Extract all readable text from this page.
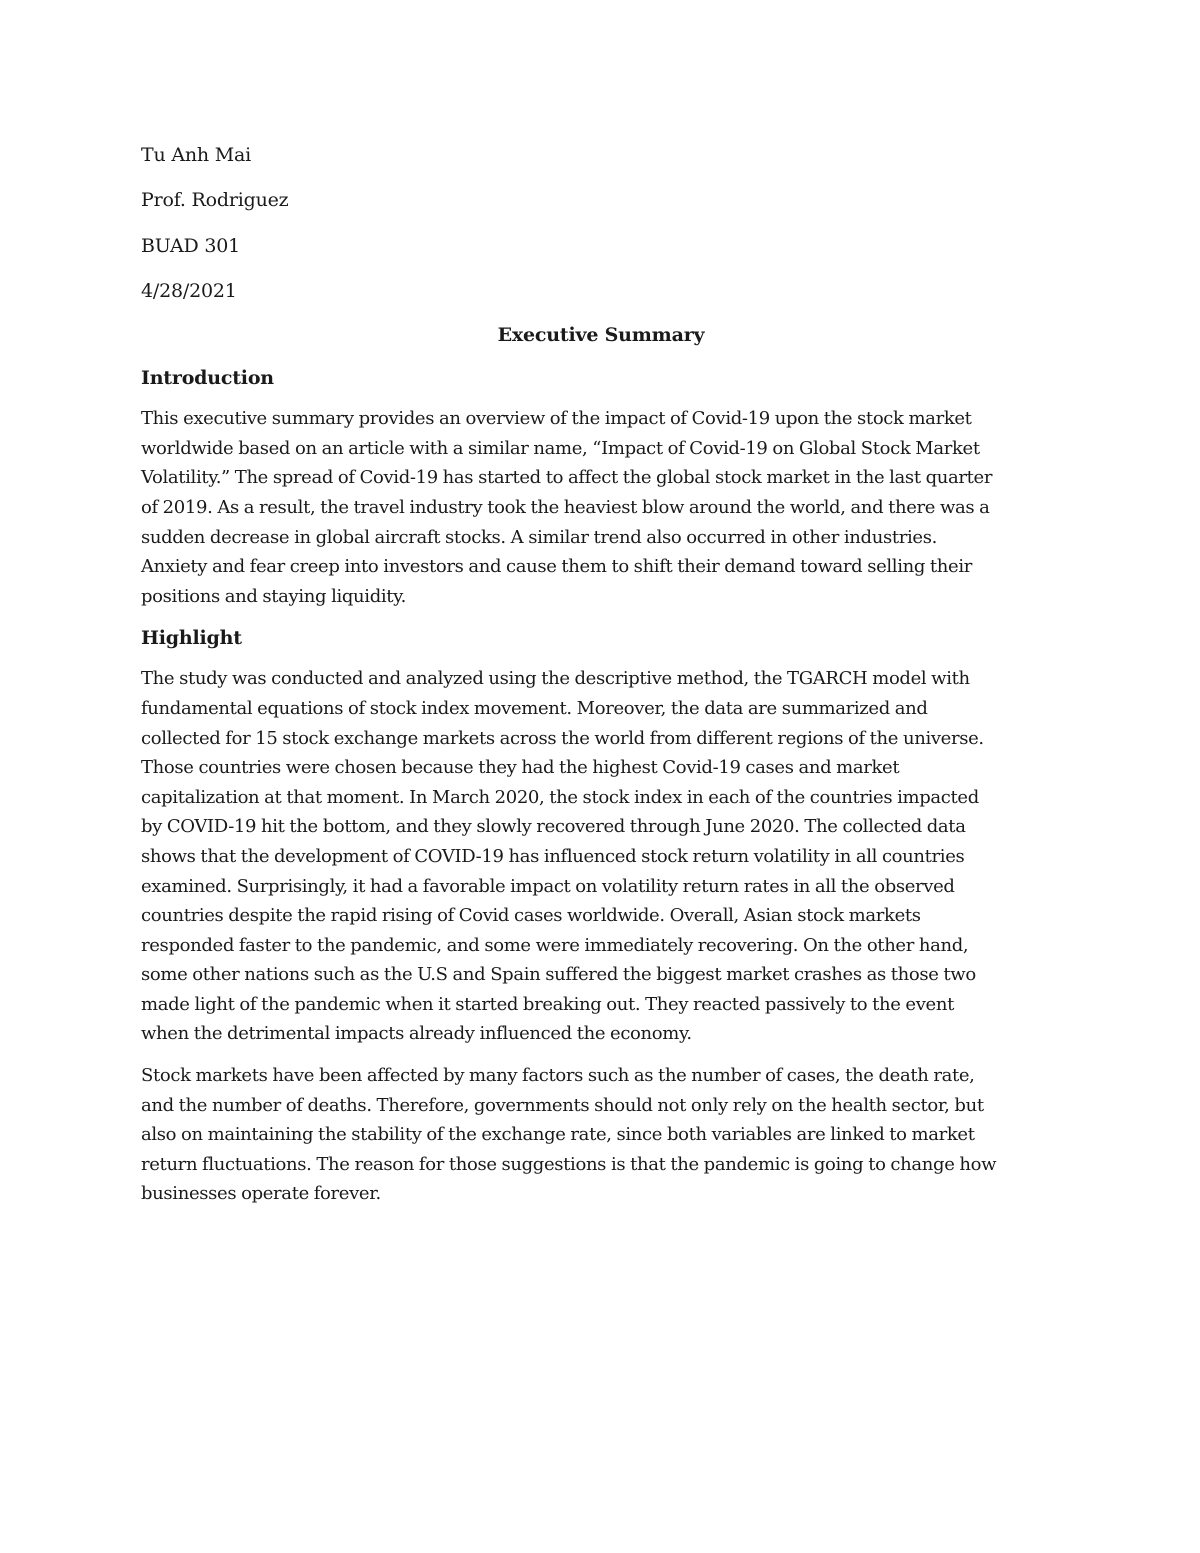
Tu Anh Mai
Prof. Rodriguez
BUAD 301
4/28/2021
Executive Summary
Introduction
This executive summary provides an overview of the impact of Covid-19 upon the stock market
worldwide based on an article with a similar name, “Impact of Covid-19 on Global Stock Market
Volatility.” The spread of Covid-19 has started to affect the global stock market in the last quarter
of 2019. As a result, the travel industry took the heaviest blow around the world, and there was a
sudden decrease in global aircraft stocks. A similar trend also occurred in other industries.
Anxiety and fear creep into investors and cause them to shift their demand toward selling their
positions and staying liquidity.
Highlight
The study was conducted and analyzed using the descriptive method, the TGARCH model with
fundamental equations of stock index movement. Moreover, the data are summarized and
collected for 15 stock exchange markets across the world from different regions of the universe.
Those countries were chosen because they had the highest Covid-19 cases and market
capitalization at that moment. In March 2020, the stock index in each of the countries impacted
by COVID-19 hit the bottom, and they slowly recovered through June 2020. The collected data
shows that the development of COVID-19 has influenced stock return volatility in all countries
examined. Surprisingly, it had a favorable impact on volatility return rates in all the observed
countries despite the rapid rising of Covid cases worldwide. Overall, Asian stock markets
responded faster to the pandemic, and some were immediately recovering. On the other hand,
some other nations such as the U.S and Spain suffered the biggest market crashes as those two
made light of the pandemic when it started breaking out. They reacted passively to the event
when the detrimental impacts already influenced the economy.
Stock markets have been affected by many factors such as the number of cases, the death rate,
and the number of deaths. Therefore, governments should not only rely on the health sector, but
also on maintaining the stability of the exchange rate, since both variables are linked to market
return fluctuations. The reason for those suggestions is that the pandemic is going to change how
businesses operate forever.
